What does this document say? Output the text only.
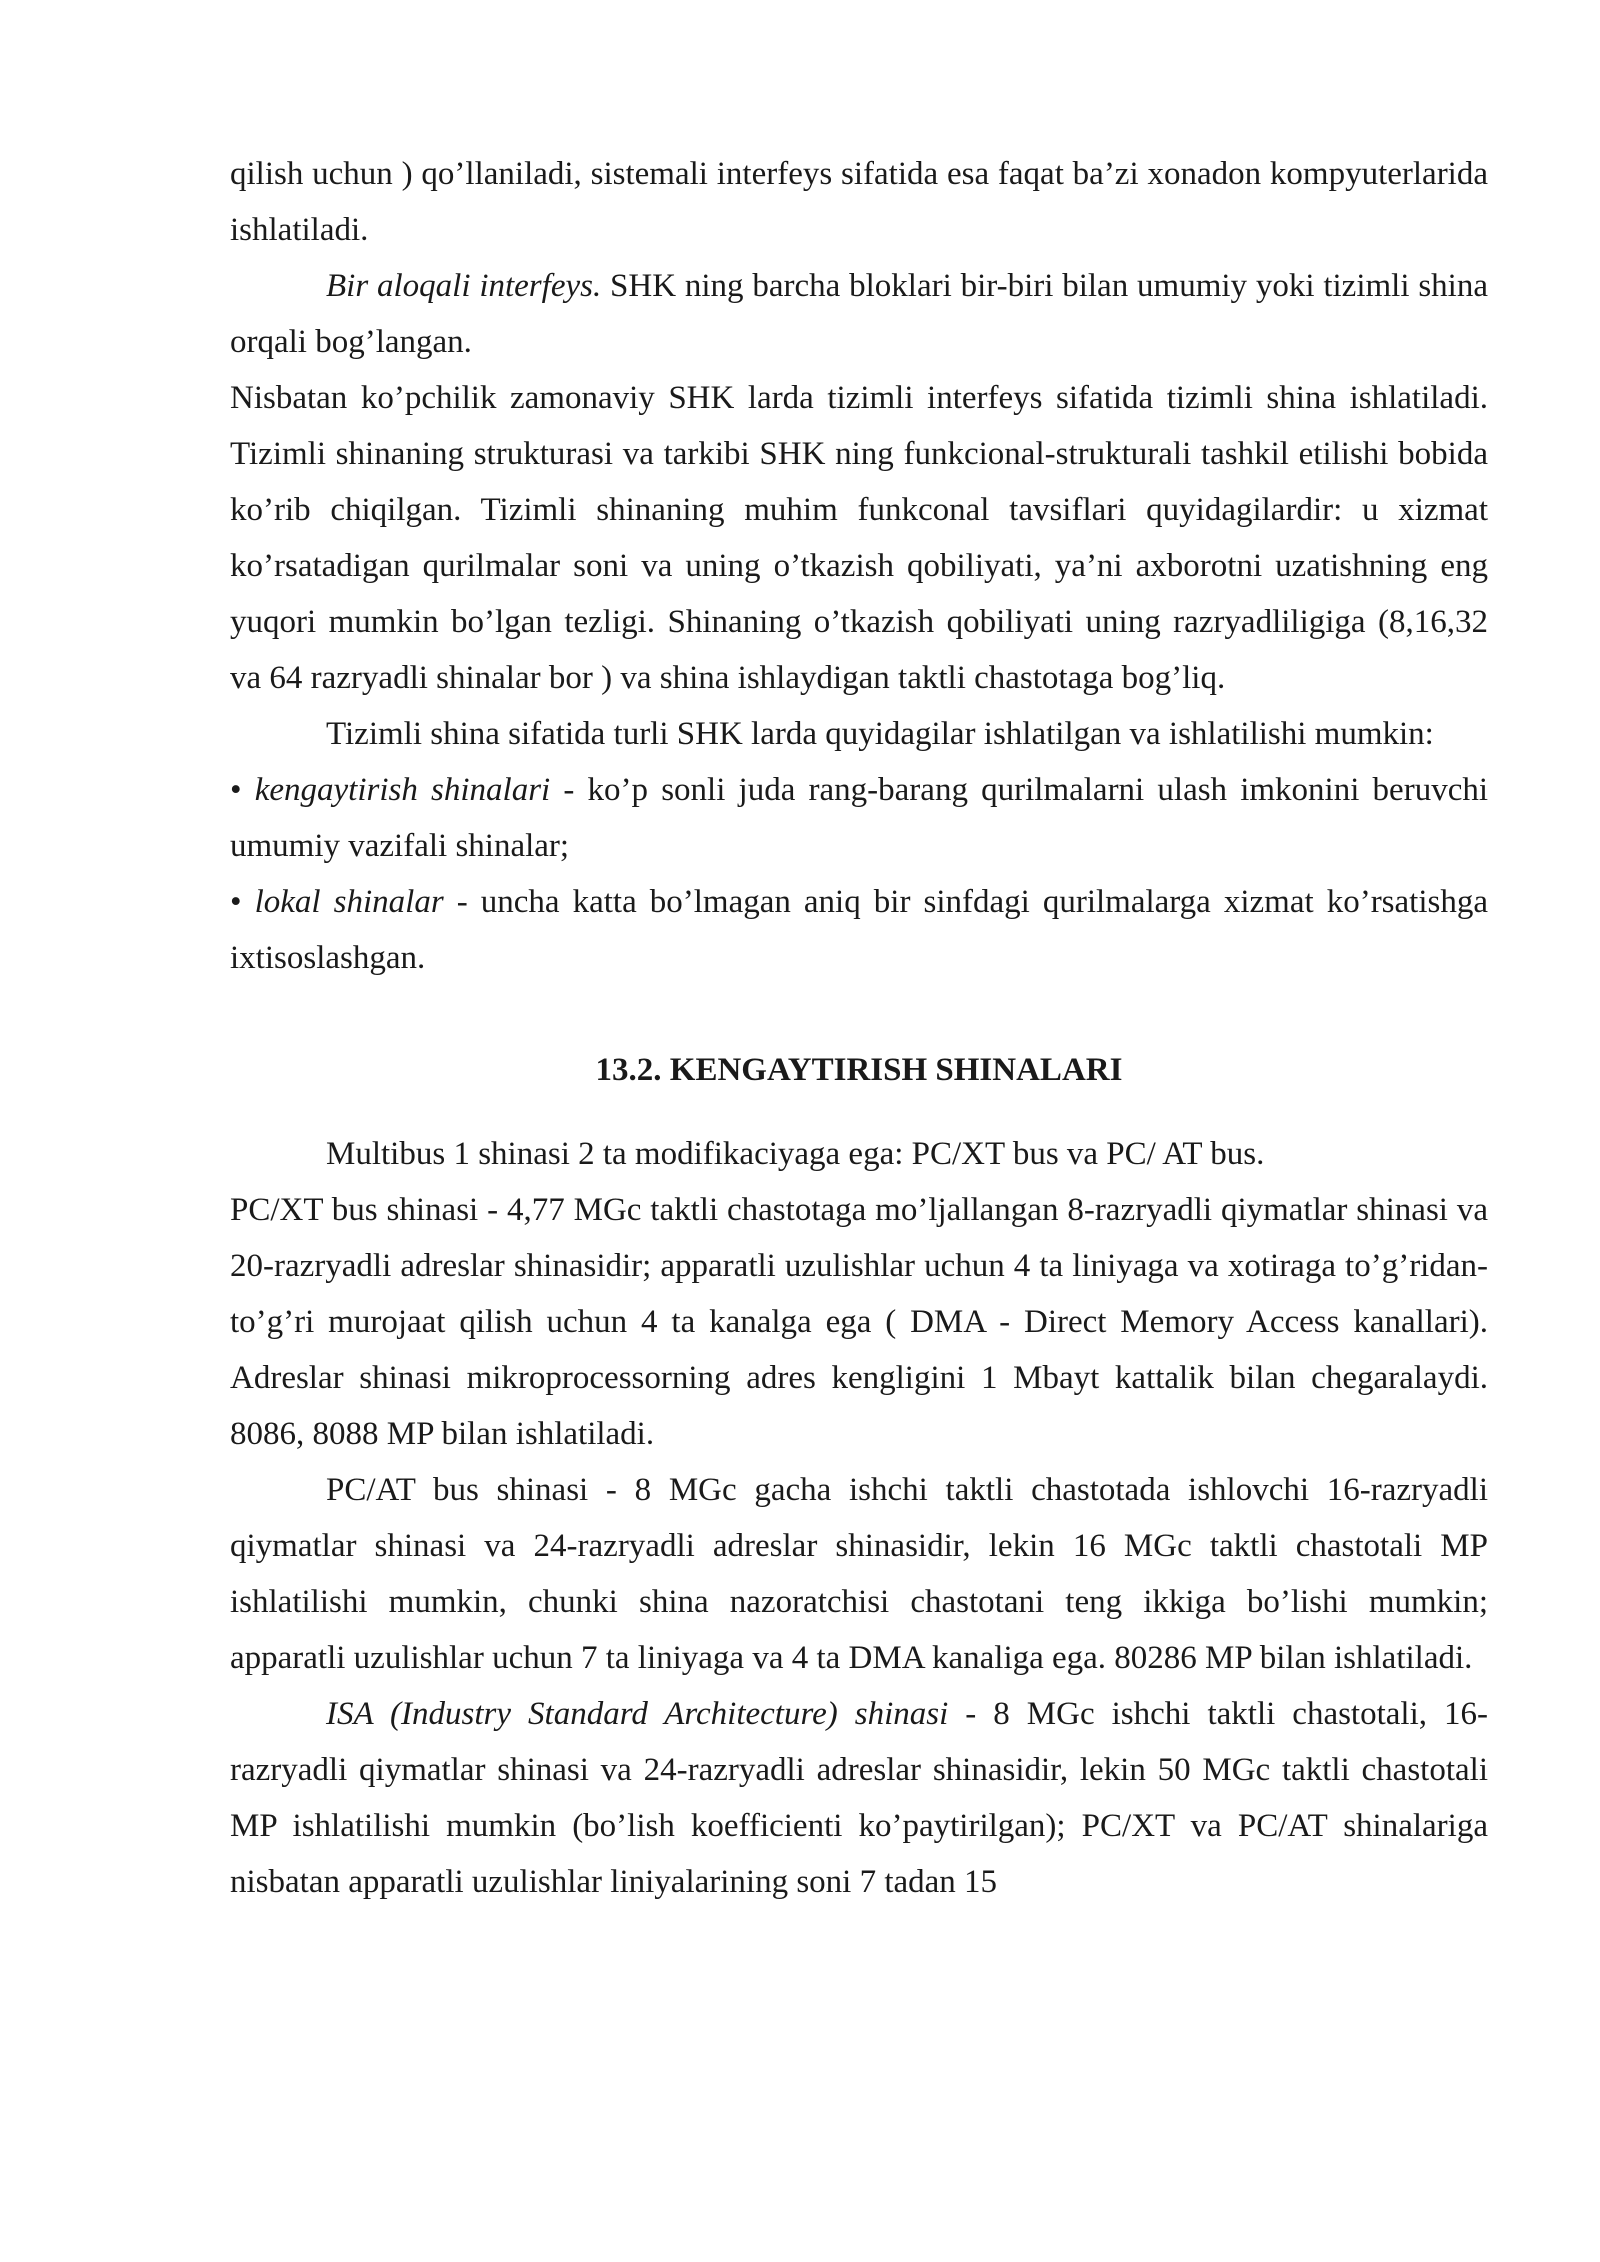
qilish uchun ) qo’llaniladi, sistemali interfeys sifatida esa faqat ba’zi xonadon kompyuterlarida ishlatiladi.

Bir aloqali interfeys. SHK ning barcha bloklari bir-biri bilan umumiy yoki tizimli shina orqali bog’langan.

Nisbatan ko’pchilik zamonaviy SHK larda tizimli interfeys sifatida tizimli shina ishlatiladi. Tizimli shinaning strukturasi va tarkibi SHK ning funkcional-strukturali tashkil etilishi bobida ko’rib chiqilgan. Tizimli shinaning muhim funkconal tavsiflari quyidagilardir: u xizmat ko’rsatadigan qurilmalar soni va uning o’tkazish qobiliyati, ya’ni axborotni uzatishning eng yuqori mumkin bo’lgan tezligi. Shinaning o’tkazish qobiliyati uning razryadliligiga (8,16,32 va 64 razryadli shinalar bor ) va shina ishlaydigan taktli chastotaga bog’liq.

Tizimli shina sifatida turli SHK larda quyidagilar ishlatilgan va ishlatilishi mumkin:

• kengaytirish shinalari - ko’p sonli juda rang-barang qurilmalarni ulash imkonini beruvchi umumiy vazifali shinalar;

• lokal shinalar - uncha katta bo’lmagan aniq bir sinfdagi qurilmalarga xizmat ko’rsatishga ixtisoslashgan.

13.2. KENGAYTIRISH SHINALARI

Multibus 1 shinasi 2 ta modifikaciyaga ega: PC/XT bus va PC/ AT bus.

PC/XT bus shinasi - 4,77 MGc taktli chastotaga mo’ljallangan 8-razryadli qiymatlar shinasi va 20-razryadli adreslar shinasidir; apparatli uzulishlar uchun 4 ta liniyaga va xotiraga to’g’ridan-to’g’ri murojaat qilish uchun 4 ta kanalga ega ( DMA - Direct Memory Access kanallari). Adreslar shinasi mikroprocessorning adres kengligini 1 Mbayt kattalik bilan chegaralaydi. 8086, 8088 MP bilan ishlatiladi.

PC/AT bus shinasi - 8 MGc gacha ishchi taktli chastotada ishlovchi 16-razryadli qiymatlar shinasi va 24-razryadli adreslar shinasidir, lekin 16 MGc taktli chastotali MP ishlatilishi mumkin, chunki shina nazoratchisi chastotani teng ikkiga bo’lishi mumkin; apparatli uzulishlar uchun 7 ta liniyaga va 4 ta DMA kanaliga ega. 80286 MP bilan ishlatiladi.

ISA (Industry Standard Architecture) shinasi - 8 MGc ishchi taktli chastotali, 16-razryadli qiymatlar shinasi va 24-razryadli adreslar shinasidir, lekin 50 MGc taktli chastotali MP ishlatilishi mumkin (bo’lish koefficienti ko’paytirilgan); PC/XT va PC/AT shinalariga nisbatan apparatli uzulishlar liniyalarining soni 7 tadan 15
